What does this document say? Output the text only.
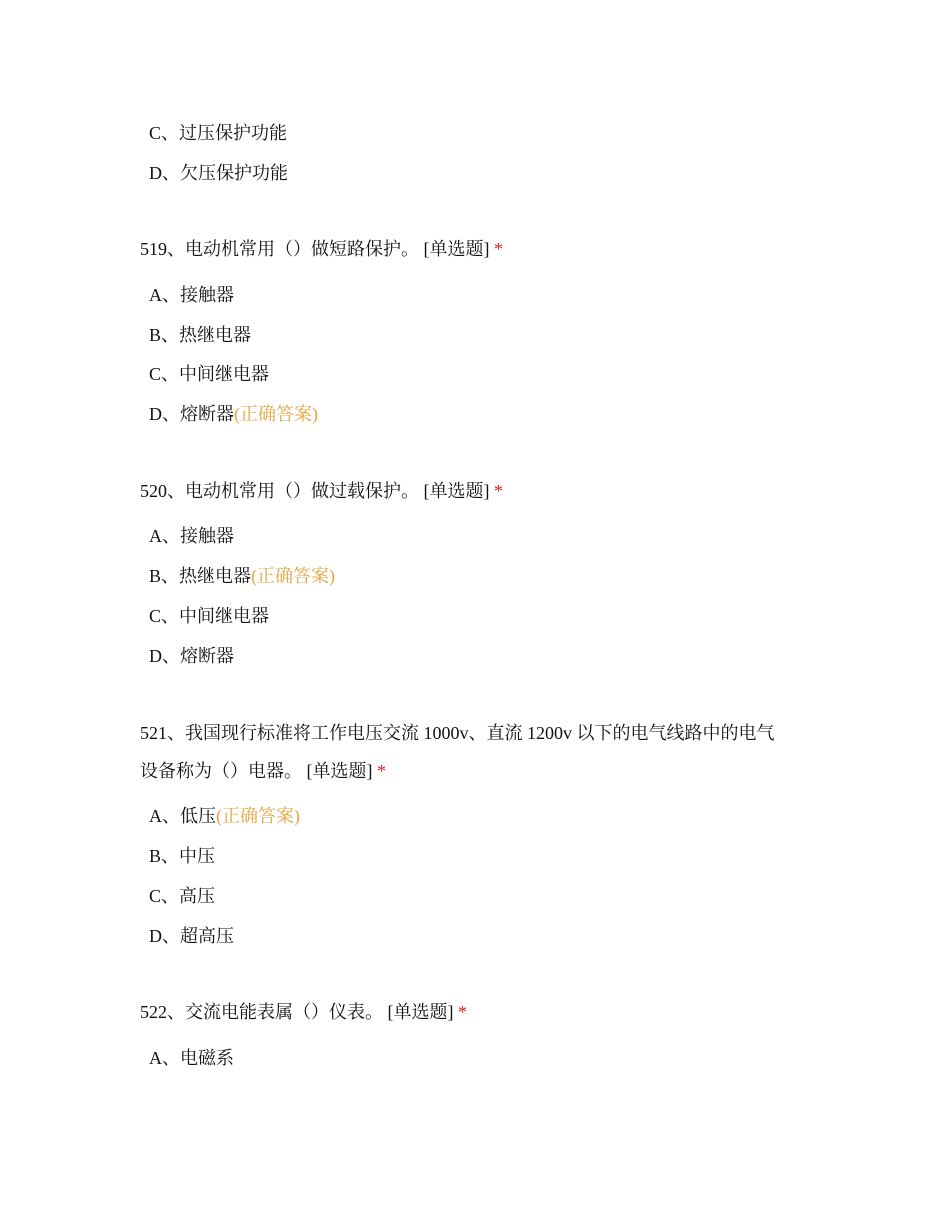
C、过压保护功能
D、欠压保护功能
519、电动机常用（）做短路保护。 [单选题] *
A、接触器
B、热继电器
C、中间继电器
D、熔断器(正确答案)
520、电动机常用（）做过载保护。 [单选题] *
A、接触器
B、热继电器(正确答案)
C、中间继电器
D、熔断器
521、我国现行标准将工作电压交流 1000v、直流 1200v 以下的电气线路中的电气
设备称为（）电器。 [单选题] *
A、低压(正确答案)
B、中压
C、高压
D、超高压
522、交流电能表属（）仪表。 [单选题] *
A、电磁系
